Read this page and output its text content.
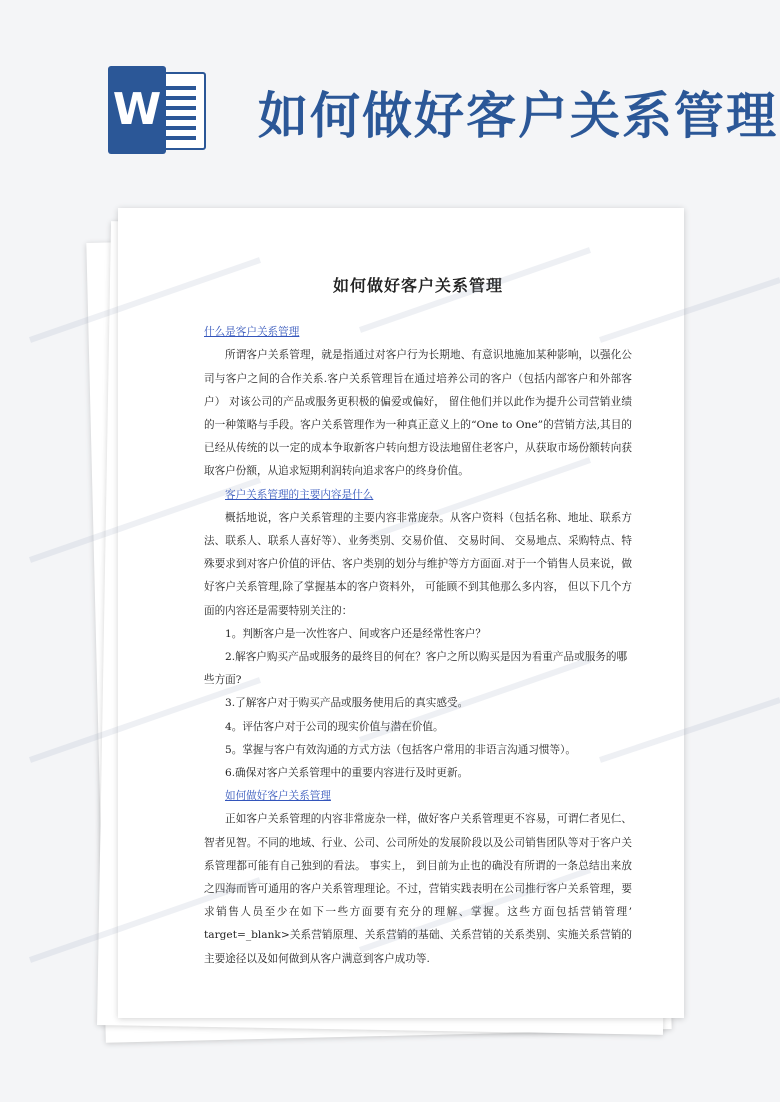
W 如何做好客户关系管理
如何做好客户关系管理

什么是客户关系管理

所谓客户关系管理，就是指通过对客户行为长期地、有意识地施加某种影响，以强化公司与客户之间的合作关系.客户关系管理旨在通过培养公司的客户（包括内部客户和外部客户） 对该公司的产品或服务更积极的偏爱或偏好， 留住他们并以此作为提升公司营销业绩的一种策略与手段。客户关系管理作为一种真正意义上的“One to One”的营销方法,其目的已经从传统的以一定的成本争取新客户转向想方设法地留住老客户，从获取市场份额转向获取客户份额，从追求短期利润转向追求客户的终身价值。

客户关系管理的主要内容是什么

概括地说，客户关系管理的主要内容非常庞杂。从客户资料（包括名称、地址、联系方法、联系人、联系人喜好等）、业务类别、交易价值、 交易时间、 交易地点、采购特点、特殊要求到对客户价值的评估、客户类别的划分与维护等方方面面.对于一个销售人员来说，做好客户关系管理,除了掌握基本的客户资料外， 可能顾不到其他那么多内容， 但以下几个方面的内容还是需要特别关注的：

1。判断客户是一次性客户、间或客户还是经常性客户？

2.解客户购买产品或服务的最终目的何在？客户之所以购买是因为看重产品或服务的哪些方面?

3.了解客户对于购买产品或服务使用后的真实感受。

4。评估客户对于公司的现实价值与潜在价值。

5。掌握与客户有效沟通的方式方法（包括客户常用的非语言沟通习惯等）。

6.确保对客户关系管理中的重要内容进行及时更新。

如何做好客户关系管理

正如客户关系管理的内容非常庞杂一样，做好客户关系管理更不容易，可谓仁者见仁、智者见智。不同的地域、行业、公司、公司所处的发展阶段以及公司销售团队等对于客户关系管理都可能有自己独到的看法。 事实上， 到目前为止也的确没有所谓的一条总结出来放之四海而皆可通用的客户关系管理理论。不过，营销实践表明在公司推行客户关系管理，要求销售人员至少在如下一些方面要有充分的理解、掌握。这些方面包括营销管理’ target=_blank>关系营销原理、关系营销的基础、关系营销的关系类别、实施关系营销的主要途径以及如何做到从客户满意到客户成功等.
